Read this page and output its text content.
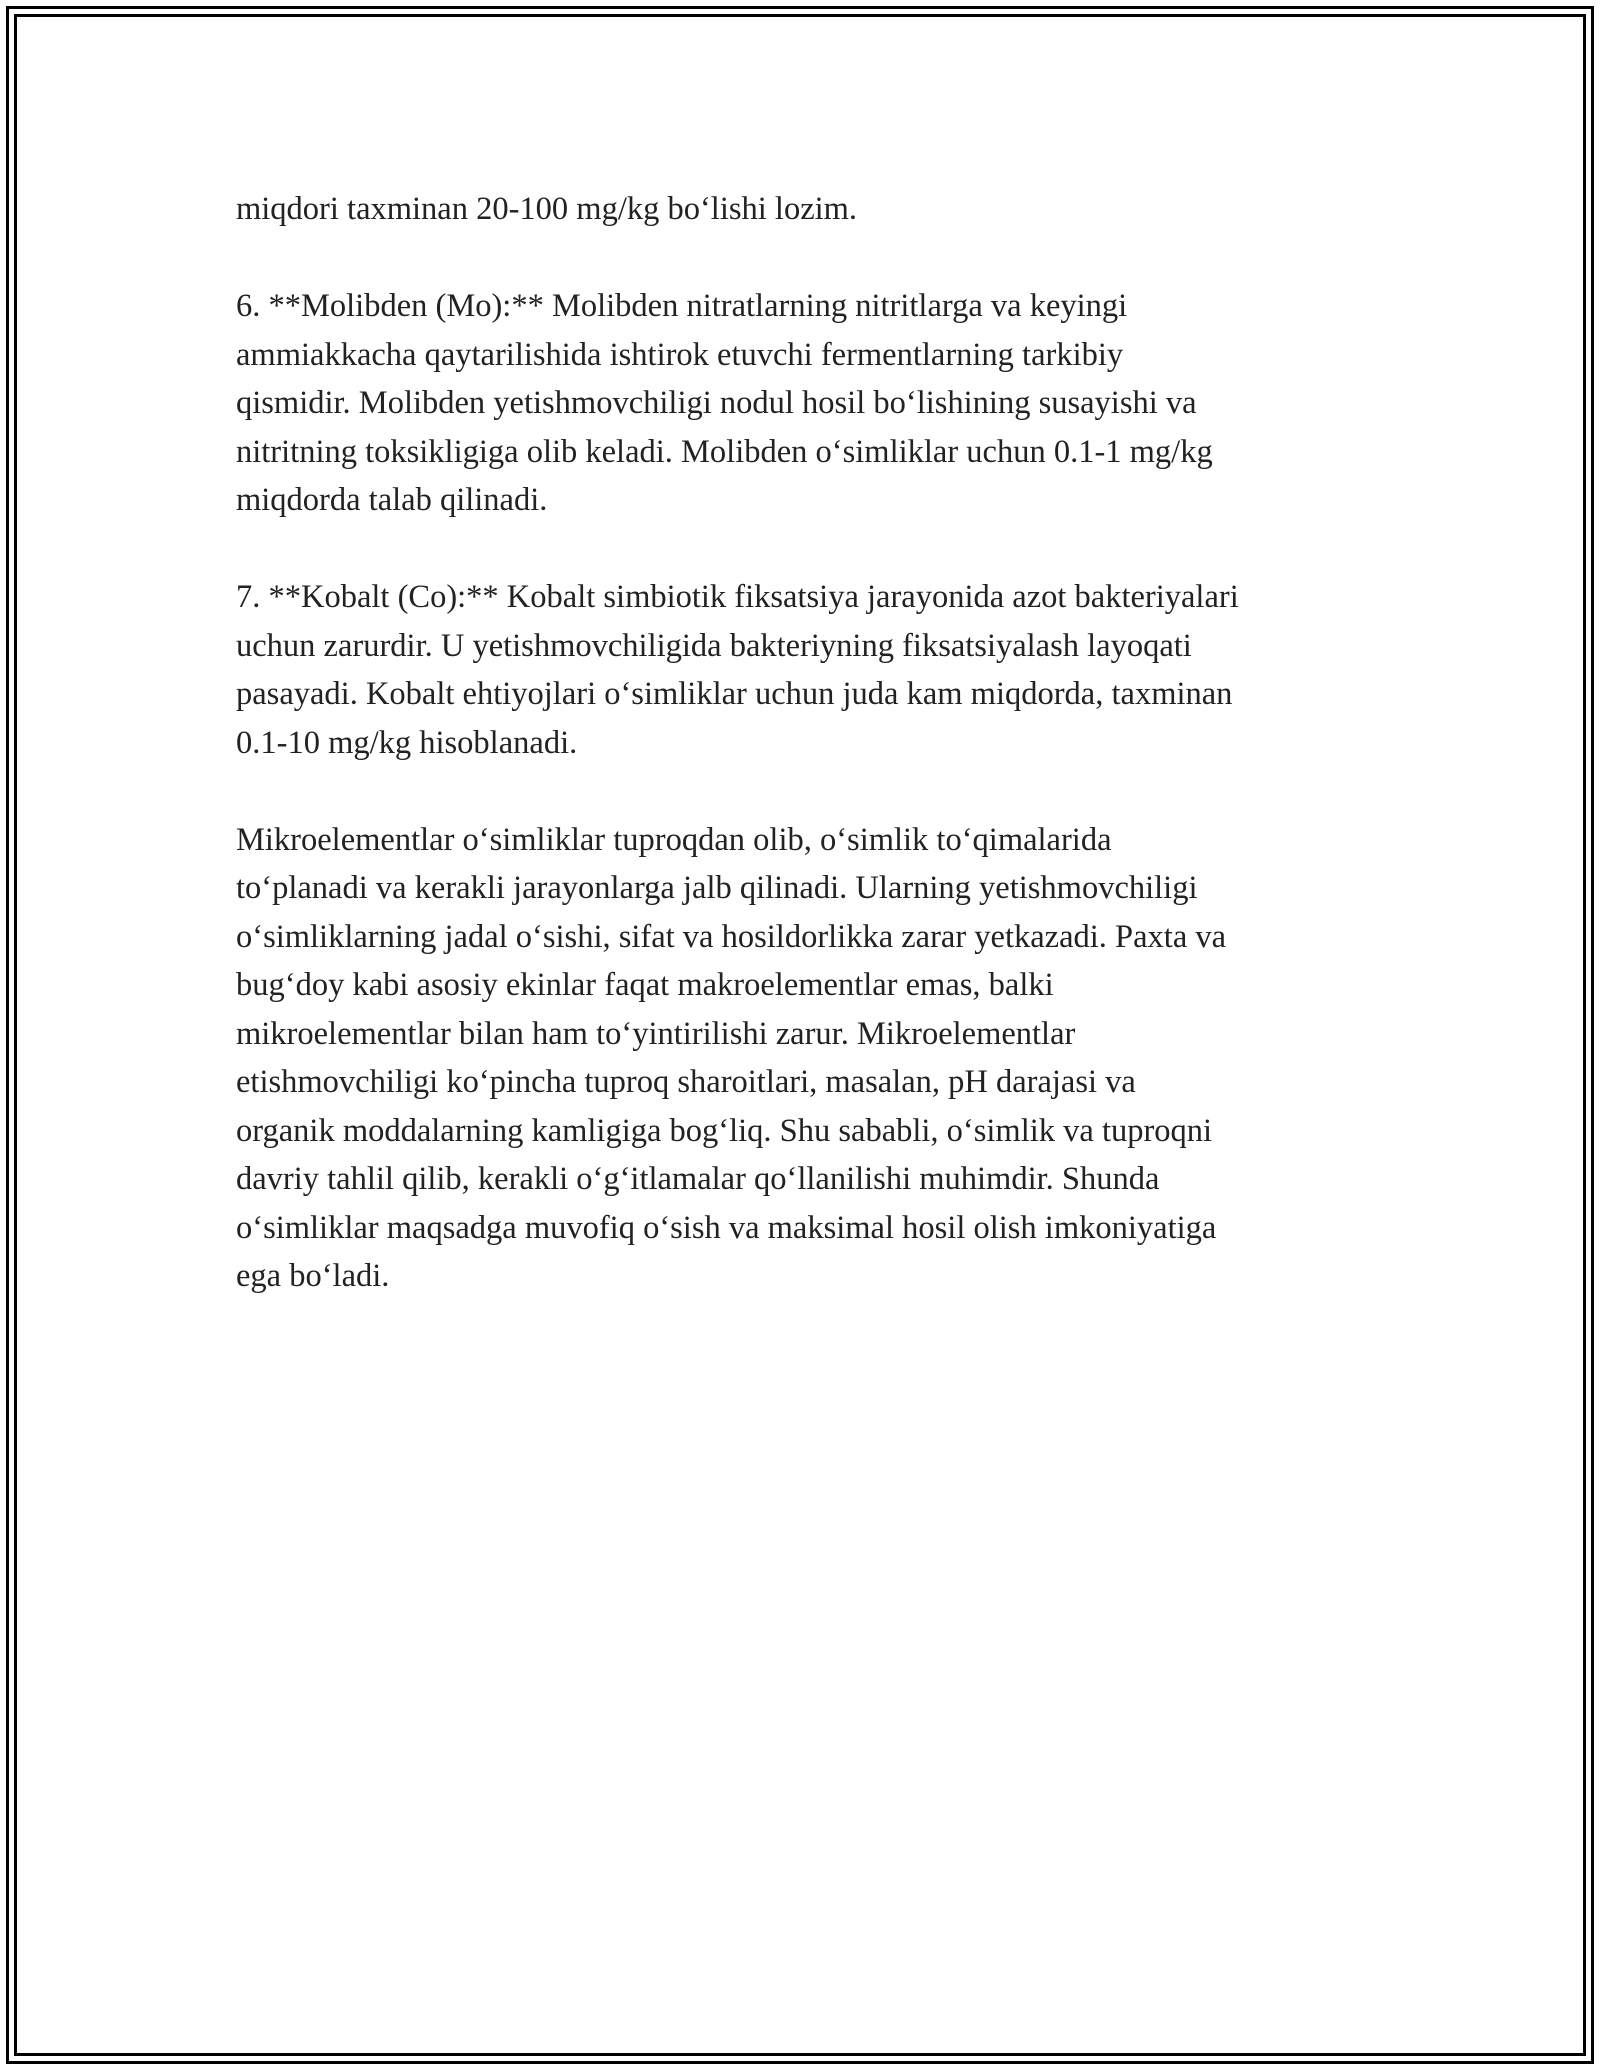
miqdori taxminan 20-100 mg/kg bo‘lishi lozim.

6. **Molibden (Mo):** Molibden nitratlarning nitritlarga va keyingi
ammiakkacha qaytarilishida ishtirok etuvchi fermentlarning tarkibiy
qismidir. Molibden yetishmovchiligi nodul hosil bo‘lishining susayishi va
nitritning toksikligiga olib keladi. Molibden o‘simliklar uchun 0.1-1 mg/kg
miqdorda talab qilinadi.

7. **Kobalt (Co):** Kobalt simbiotik fiksatsiya jarayonida azot bakteriyalari
uchun zarurdir. U yetishmovchiligida bakteriyning fiksatsiyalash layoqati
pasayadi. Kobalt ehtiyojlari o‘simliklar uchun juda kam miqdorda, taxminan
0.1-10 mg/kg hisoblanadi.

Mikroelementlar o‘simliklar tuproqdan olib, o‘simlik to‘qimalarida
to‘planadi va kerakli jarayonlarga jalb qilinadi. Ularning yetishmovchiligi
o‘simliklarning jadal o‘sishi, sifat va hosildorlikka zarar yetkazadi. Paxta va
bug‘doy kabi asosiy ekinlar faqat makroelementlar emas, balki
mikroelementlar bilan ham to‘yintirilishi zarur. Mikroelementlar
etishmovchiligi ko‘pincha tuproq sharoitlari, masalan, pH darajasi va
organik moddalarning kamligiga bog‘liq. Shu sababli, o‘simlik va tuproqni
davriy tahlil qilib, kerakli o‘g‘itlamalar qo‘llanilishi muhimdir. Shunda
o‘simliklar maqsadga muvofiq o‘sish va maksimal hosil olish imkoniyatiga
ega bo‘ladi.
